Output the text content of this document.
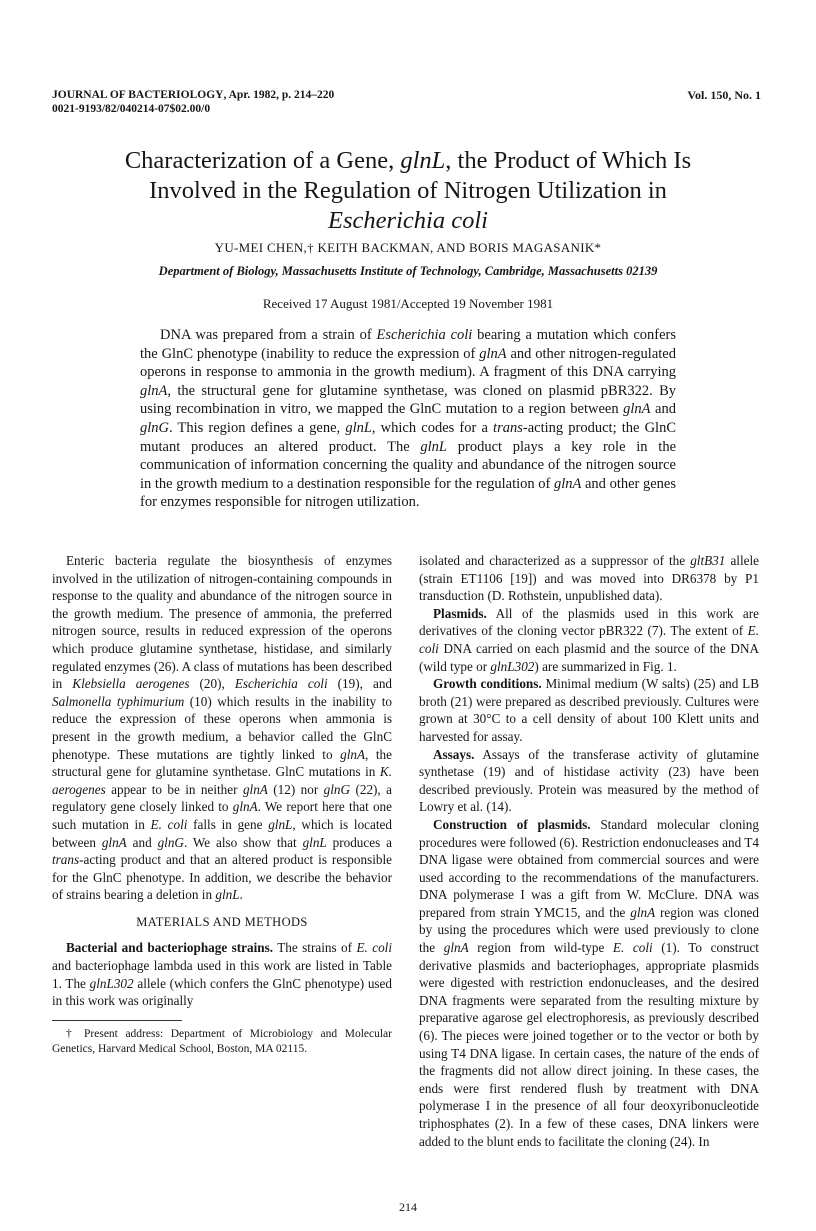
JOURNAL OF BACTERIOLOGY, Apr. 1982, p. 214–220
0021-9193/82/040214-07$02.00/0
Vol. 150, No. 1
Characterization of a Gene, glnL, the Product of Which Is
Involved in the Regulation of Nitrogen Utilization in
Escherichia coli
YU-MEI CHEN,† KEITH BACKMAN, AND BORIS MAGASANIK*
Department of Biology, Massachusetts Institute of Technology, Cambridge, Massachusetts 02139
Received 17 August 1981/Accepted 19 November 1981
DNA was prepared from a strain of Escherichia coli bearing a mutation which confers the GlnC phenotype (inability to reduce the expression of glnA and other nitrogen-regulated operons in response to ammonia in the growth medium). A fragment of this DNA carrying glnA, the structural gene for glutamine synthetase, was cloned on plasmid pBR322. By using recombination in vitro, we mapped the GlnC mutation to a region between glnA and glnG. This region defines a gene, glnL, which codes for a trans-acting product; the GlnC mutant produces an altered product. The glnL product plays a key role in the communication of information concerning the quality and abundance of the nitrogen source in the growth medium to a destination responsible for the regulation of glnA and other genes for enzymes responsible for nitrogen utilization.

Enteric bacteria regulate the biosynthesis of enzymes involved in the utilization of nitrogen-containing compounds in response to the quality and abundance of the nitrogen source in the growth medium. The presence of ammonia, the preferred nitrogen source, results in reduced expression of the operons which produce glutamine synthetase, histidase, and similarly regulated enzymes (26). A class of mutations has been described in Klebsiella aerogenes (20), Escherichia coli (19), and Salmonella typhimurium (10) which results in the inability to reduce the expression of these operons when ammonia is present in the growth medium, a behavior called the GlnC phenotype. These mutations are tightly linked to glnA, the structural gene for glutamine synthetase. GlnC mutations in K. aerogenes appear to be in neither glnA (12) nor glnG (22), a regulatory gene closely linked to glnA. We report here that one such mutation in E. coli falls in gene glnL, which is located between glnA and glnG. We also show that glnL produces a trans-acting product and that an altered product is responsible for the GlnC phenotype. In addition, we describe the behavior of strains bearing a deletion in glnL.

MATERIALS AND METHODS

Bacterial and bacteriophage strains. The strains of E. coli and bacteriophage lambda used in this work are listed in Table 1. The glnL302 allele (which confers the GlnC phenotype) used in this work was originally

† Present address: Department of Microbiology and Molecular Genetics, Harvard Medical School, Boston, MA 02115.

isolated and characterized as a suppressor of the gltB31 allele (strain ET1106 [19]) and was moved into DR6378 by P1 transduction (D. Rothstein, unpublished data).

Plasmids. All of the plasmids used in this work are derivatives of the cloning vector pBR322 (7). The extent of E. coli DNA carried on each plasmid and the source of the DNA (wild type or glnL302) are summarized in Fig. 1.

Growth conditions. Minimal medium (W salts) (25) and LB broth (21) were prepared as described previously. Cultures were grown at 30°C to a cell density of about 100 Klett units and harvested for assay.

Assays. Assays of the transferase activity of glutamine synthetase (19) and of histidase activity (23) have been described previously. Protein was measured by the method of Lowry et al. (14).

Construction of plasmids. Standard molecular cloning procedures were followed (6). Restriction endonucleases and T4 DNA ligase were obtained from commercial sources and were used according to the recommendations of the manufacturers. DNA polymerase I was a gift from W. McClure. DNA was prepared from strain YMC15, and the glnA region was cloned by using the procedures which were used previously to clone the glnA region from wild-type E. coli (1). To construct derivative plasmids and bacteriophages, appropriate plasmids were digested with restriction endonucleases, and the desired DNA fragments were separated from the resulting mixture by preparative agarose gel electrophoresis, as previously described (6). The pieces were joined together or to the vector or both by using T4 DNA ligase. In certain cases, the nature of the ends of the fragments did not allow direct joining. In these cases, the ends were first rendered flush by treatment with DNA polymerase I in the presence of all four deoxyribonucleotide triphosphates (2). In a few of these cases, DNA linkers were added to the blunt ends to facilitate the cloning (24). In

214
